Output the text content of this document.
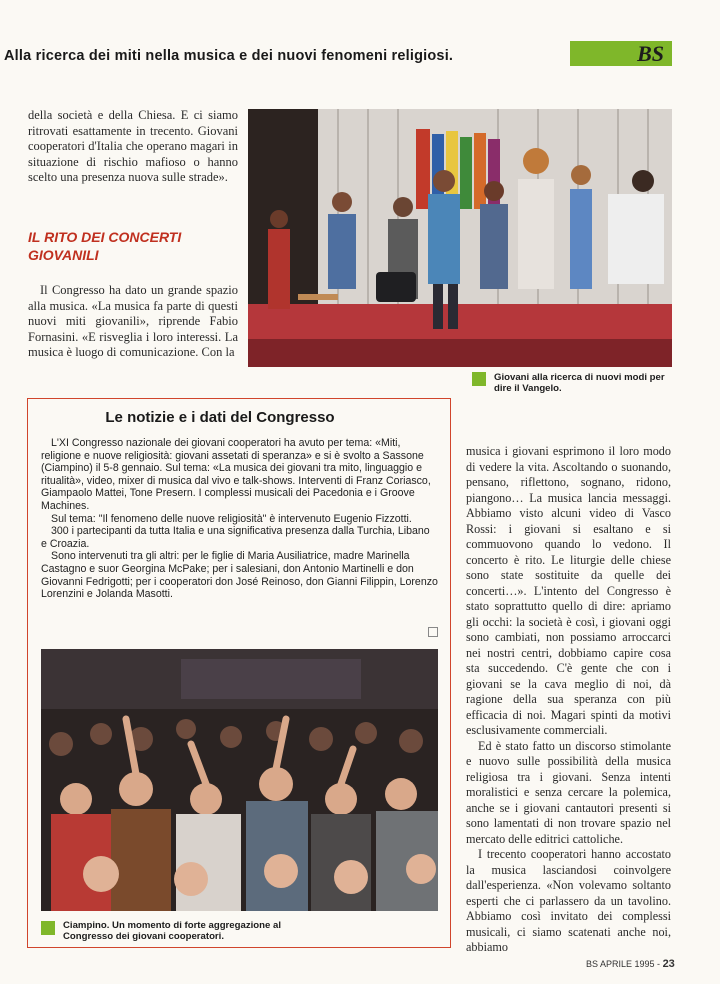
Alla ricerca dei miti nella musica e dei nuovi fenomeni religiosi.	BS

della società e della Chiesa. E ci siamo ritrovati esattamente in trecento. Giovani cooperatori d'Italia che operano magari in situazione di rischio mafioso o hanno scelto una presenza nuova sulle strade».

IL RITO DEI CONCERTI GIOVANILI

Il Congresso ha dato un grande spazio alla musica. «La musica fa parte di questi nuovi miti giovanili», riprende Fabio Fornasini. «E risveglia i loro interessi. La musica è luogo di comunicazione. Con la

Giovani alla ricerca di nuovi modi per dire il Vangelo.
Le notizie e i dati del Congresso

L'XI Congresso nazionale dei giovani cooperatori ha avuto per tema: «Miti, religione e nuove religiosità: giovani assetati di speranza» e si è svolto a Sassone (Ciampino) il 5-8 gennaio. Sul tema: «La musica dei giovani tra mito, linguaggio e ritualità», video, mixer di musica dal vivo e talk-shows. Interventi di Franz Coriasco, Giampaolo Mattei, Tone Presern. I complessi musicali dei Pacedonia e i Groove Machines.

Sul tema: "Il fenomeno delle nuove religiosità" è intervenuto Eugenio Fizzotti.

300 i partecipanti da tutta Italia e una significativa presenza dalla Turchia, Libano e Croazia.

Sono intervenuti tra gli altri: per le figlie di Maria Ausiliatrice, madre Marinella Castagno e suor Georgina McPake; per i salesiani, don Antonio Martinelli e don Giovanni Fedrigotti; per i cooperatori don José Reinoso, don Gianni Filippin, Lorenzo Lorenzini e Jolanda Masotti.

Ciampino. Un momento di forte aggregazione al Congresso dei giovani cooperatori.

musica i giovani esprimono il loro modo di vedere la vita. Ascoltando o suonando, pensano, riflettono, sognano, ridono, piangono… La musica lancia messaggi. Abbiamo visto alcuni video di Vasco Rossi: i giovani si esaltano e si commuovono quando lo vedono. Il concerto è rito. Le liturgie delle chiese sono state sostituite da quelle dei concerti…». L'intento del Congresso è stato soprattutto quello di dire: apriamo gli occhi: la società è così, i giovani oggi sono cambiati, non possiamo arroccarci nei nostri centri, dobbiamo capire cosa sta succedendo. C'è gente che con i giovani se la cava meglio di noi, dà ragione della sua speranza con più efficacia di noi. Magari spinti da motivi esclusivamente commerciali.

Ed è stato fatto un discorso stimolante e nuovo sulle possibilità della musica religiosa tra i giovani. Senza intenti moralistici e senza cercare la polemica, anche se i giovani cantautori presenti si sono lamentati di non trovare spazio nel mercato delle editrici cattoliche.

I trecento cooperatori hanno accostato la musica lasciandosi coinvolgere dall'esperienza. «Non volevamo soltanto esperti che ci parlassero da un tavolino. Abbiamo così invitato dei complessi musicali, ci siamo scatenati anche noi, abbiamo

BS APRILE 1995 - 23
